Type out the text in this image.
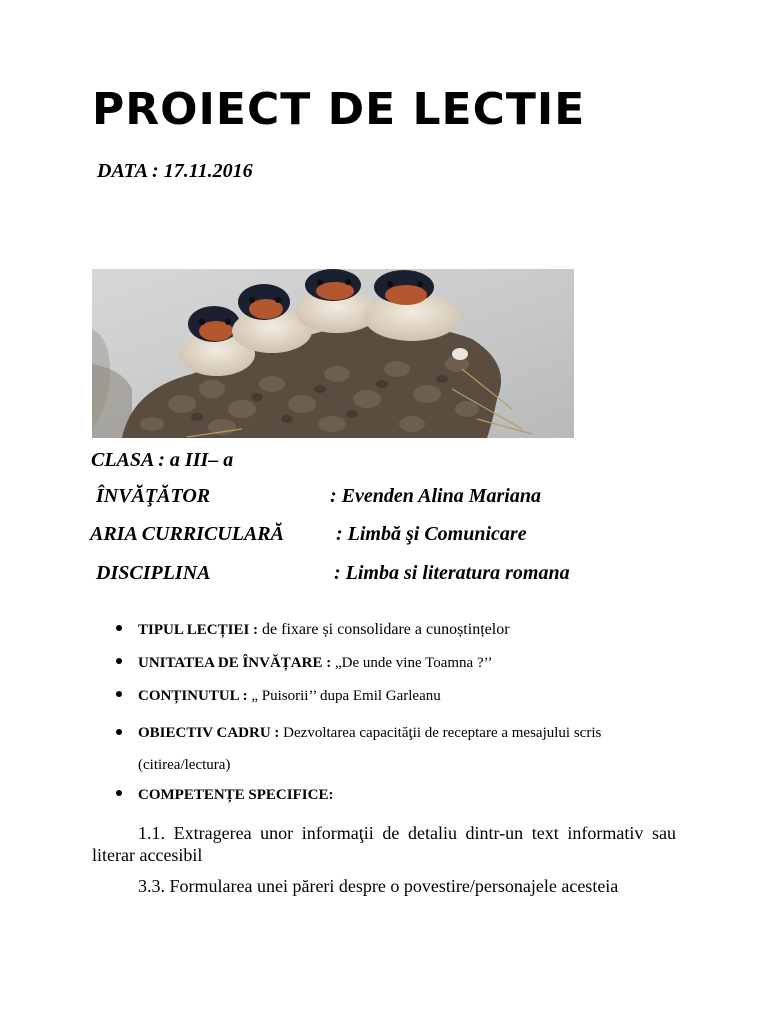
PROIECT DE LECTIE
DATA : 17.11.2016
CLASA : a III– a
ÎNVĂŢĂTOR	: Evenden Alina Mariana
ARIA CURRICULARĂ	: Limbă şi Comunicare
DISCIPLINA	: Limba si literatura romana
TIPUL LECȚIEI : de fixare și consolidare a cunoștințelor
UNITATEA DE ÎNVĂȚARE : „De unde vine Toamna ?’’
CONȚINUTUL : „ Puisorii’’ dupa Emil Garleanu
OBIECTIV CADRU : Dezvoltarea capacităţii de receptare a mesajului scris (citirea/lectura)
COMPETENȚE SPECIFICE:

1.1. Extragerea unor informaţii de detaliu dintr-un text informativ sau literar accesibil

3.3. Formularea unei păreri despre o povestire/personajele acesteia
